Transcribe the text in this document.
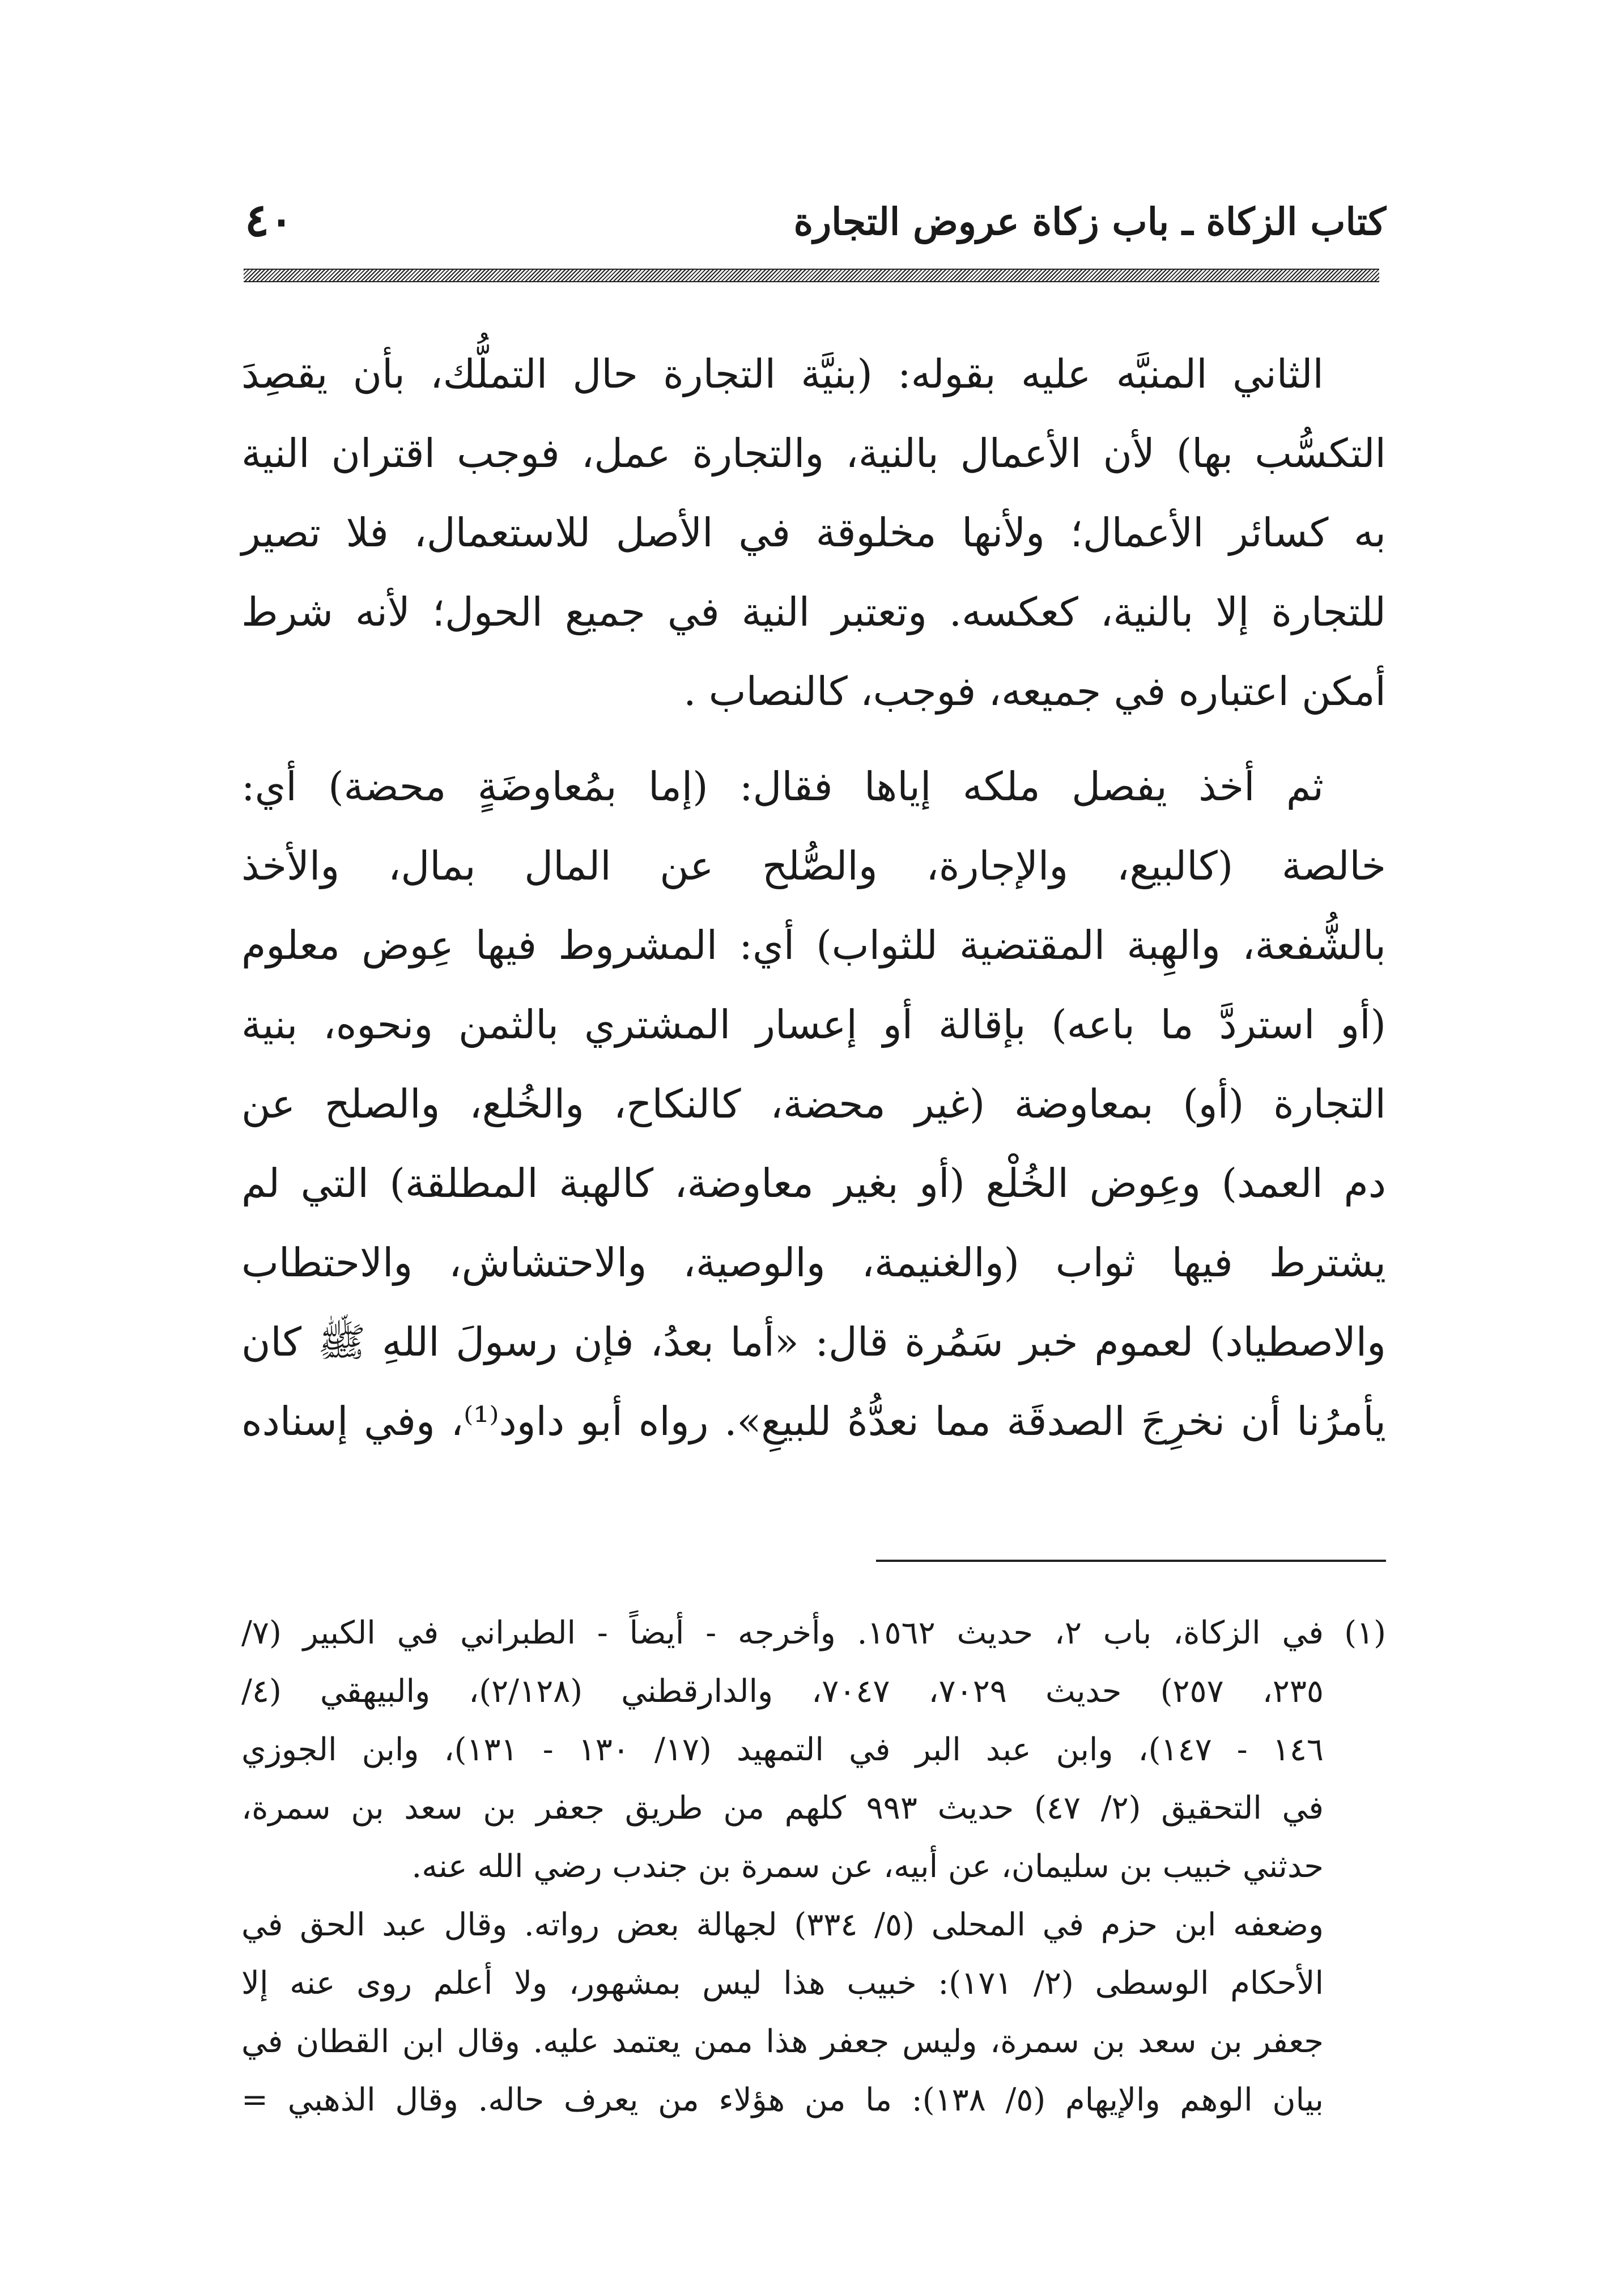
كتاب الزكاة ـ باب زكاة عروض التجارة
٤٠
الثاني المنبَّه عليه بقوله: (بنيَّة التجارة حال التملُّك، بأن يقصِدَ
التكسُّب بها) لأن الأعمال بالنية، والتجارة عمل، فوجب اقتران النية
به كسائر الأعمال؛ ولأنها مخلوقة في الأصل للاستعمال، فلا تصير
للتجارة إلا بالنية، كعكسه. وتعتبر النية في جميع الحول؛ لأنه شرط
أمكن اعتباره في جميعه، فوجب، كالنصاب .
ثم أخذ يفصل ملكه إياها فقال: (إما بمُعاوضَةٍ محضة) أي:
خالصة (كالبيع، والإجارة، والصُّلح عن المال بمال، والأخذ
بالشُّفعة، والهِبة المقتضية للثواب) أي: المشروط فيها عِوض معلوم
(أو استردَّ ما باعه) بإقالة أو إعسار المشتري بالثمن ونحوه، بنية
التجارة (أو) بمعاوضة (غير محضة، كالنكاح، والخُلع، والصلح عن
دم العمد) وعِوض الخُلْع (أو بغير معاوضة، كالهبة المطلقة) التي لم
يشترط فيها ثواب (والغنيمة، والوصية، والاحتشاش، والاحتطاب
والاصطياد) لعموم خبر سَمُرة قال: «أما بعدُ، فإن رسولَ اللهِ ﷺ كان
يأمرُنا أن نخرِجَ الصدقَة مما نعدُّهُ للبيعِ». رواه أبو داود⁽¹⁾، وفي إسناده
(١)في الزكاة، باب ٢، حديث ١٥٦٢. وأخرجه - أيضاً - الطبراني في الكبير (٧/
٢٣٥، ٢٥٧) حديث ٧٠٢٩، ٧٠٤٧، والدارقطني (٢/١٢٨)، والبيهقي (٤/
١٤٦ - ١٤٧)، وابن عبد البر في التمهيد (١٧/ ١٣٠ - ١٣١)، وابن الجوزي
في التحقيق (٢/ ٤٧) حديث ٩٩٣ كلهم من طريق جعفر بن سعد بن سمرة،
حدثني خبيب بن سليمان، عن أبيه، عن سمرة بن جندب رضي الله عنه.
وضعفه ابن حزم في المحلى (٥/ ٣٣٤) لجهالة بعض رواته. وقال عبد الحق في
الأحكام الوسطى (٢/ ١٧١): خبيب هذا ليس بمشهور، ولا أعلم روى عنه إلا
جعفر بن سعد بن سمرة، وليس جعفر هذا ممن يعتمد عليه. وقال ابن القطان في
بيان الوهم والإيهام (٥/ ١٣٨): ما من هؤلاء من يعرف حاله. وقال الذهبي =
